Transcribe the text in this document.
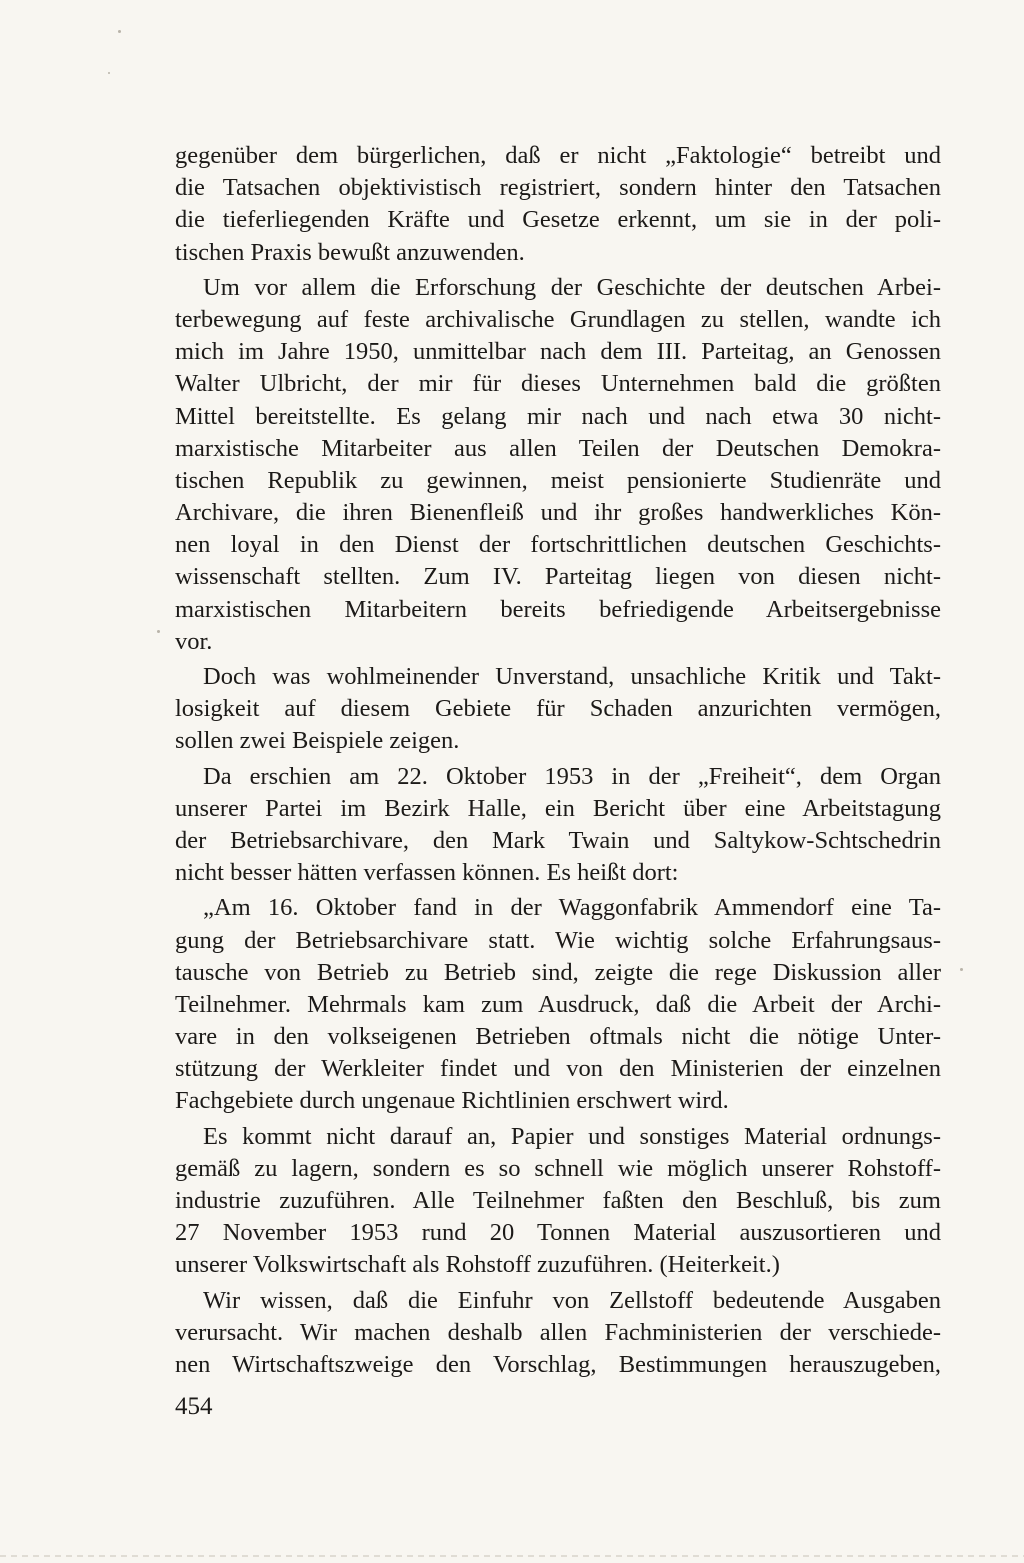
gegenüber dem bürgerlichen, daß er nicht „Faktologie“ betreibt und
die Tatsachen objektivistisch registriert, sondern hinter den Tatsachen
die tieferliegenden Kräfte und Gesetze erkennt, um sie in der poli-
tischen Praxis bewußt anzuwenden.
Um vor allem die Erforschung der Geschichte der deutschen Arbei-
terbewegung auf feste archivalische Grundlagen zu stellen, wandte ich
mich im Jahre 1950, unmittelbar nach dem III. Parteitag, an Genossen
Walter Ulbricht, der mir für dieses Unternehmen bald die größten
Mittel bereitstellte. Es gelang mir nach und nach etwa 30 nicht-
marxistische Mitarbeiter aus allen Teilen der Deutschen Demokra-
tischen Republik zu gewinnen, meist pensionierte Studienräte und
Archivare, die ihren Bienenfleiß und ihr großes handwerkliches Kön-
nen loyal in den Dienst der fortschrittlichen deutschen Geschichts-
wissenschaft stellten. Zum IV. Parteitag liegen von diesen nicht-
marxistischen Mitarbeitern bereits befriedigende Arbeitsergebnisse
vor.
Doch was wohlmeinender Unverstand, unsachliche Kritik und Takt-
losigkeit auf diesem Gebiete für Schaden anzurichten vermögen,
sollen zwei Beispiele zeigen.
Da erschien am 22. Oktober 1953 in der „Freiheit“, dem Organ
unserer Partei im Bezirk Halle, ein Bericht über eine Arbeitstagung
der Betriebsarchivare, den Mark Twain und Saltykow-Schtschedrin
nicht besser hätten verfassen können. Es heißt dort:
„Am 16. Oktober fand in der Waggonfabrik Ammendorf eine Ta-
gung der Betriebsarchivare statt. Wie wichtig solche Erfahrungsaus-
tausche von Betrieb zu Betrieb sind, zeigte die rege Diskussion aller
Teilnehmer. Mehrmals kam zum Ausdruck, daß die Arbeit der Archi-
vare in den volkseigenen Betrieben oftmals nicht die nötige Unter-
stützung der Werkleiter findet und von den Ministerien der einzelnen
Fachgebiete durch ungenaue Richtlinien erschwert wird.
Es kommt nicht darauf an, Papier und sonstiges Material ordnungs-
gemäß zu lagern, sondern es so schnell wie möglich unserer Rohstoff-
industrie zuzuführen. Alle Teilnehmer faßten den Beschluß, bis zum
27 November 1953 rund 20 Tonnen Material auszusortieren und
unserer Volkswirtschaft als Rohstoff zuzuführen. (Heiterkeit.)
Wir wissen, daß die Einfuhr von Zellstoff bedeutende Ausgaben
verursacht. Wir machen deshalb allen Fachministerien der verschiede-
nen Wirtschaftszweige den Vorschlag, Bestimmungen herauszugeben,
454
